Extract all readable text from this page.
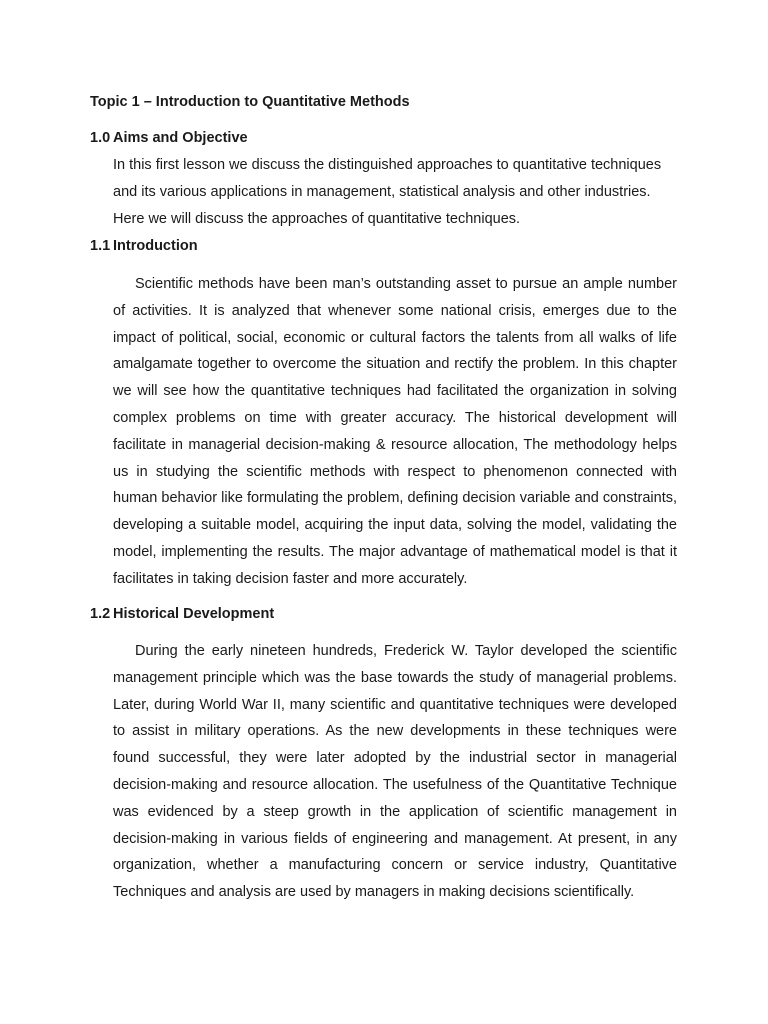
Topic 1 – Introduction to Quantitative Methods
1.0 Aims and Objective

In this first lesson we discuss the distinguished approaches to quantitative techniques and its various applications in management, statistical analysis and other industries. Here we will discuss the approaches of quantitative techniques.

1.1 Introduction

Scientific methods have been man’s outstanding asset to pursue an ample number of activities. It is analyzed that whenever some national crisis, emerges due to the impact of political, social, economic or cultural factors the talents from all walks of life amalgamate together to overcome the situation and rectify the problem. In this chapter we will see how the quantitative techniques had facilitated the organization in solving complex problems on time with greater accuracy. The historical development will facilitate in managerial decision-making & resource allocation, The methodology helps us in studying the scientific methods with respect to phenomenon connected with human behavior like formulating the problem, defining decision variable and constraints, developing a suitable model, acquiring the input data, solving the model, validating the model, implementing the results. The major advantage of mathematical model is that it facilitates in taking decision faster and more accurately.

1.2 Historical Development

During the early nineteen hundreds, Frederick W. Taylor developed the scientific management principle which was the base towards the study of managerial problems. Later, during World War II, many scientific and quantitative techniques were developed to assist in military operations. As the new developments in these techniques were found successful, they were later adopted by the industrial sector in managerial decision-making and resource allocation. The usefulness of the Quantitative Technique was evidenced by a steep growth in the application of scientific management in decision-making in various fields of engineering and management. At present, in any organization, whether a manufacturing concern or service industry, Quantitative Techniques and analysis are used by managers in making decisions scientifically.
